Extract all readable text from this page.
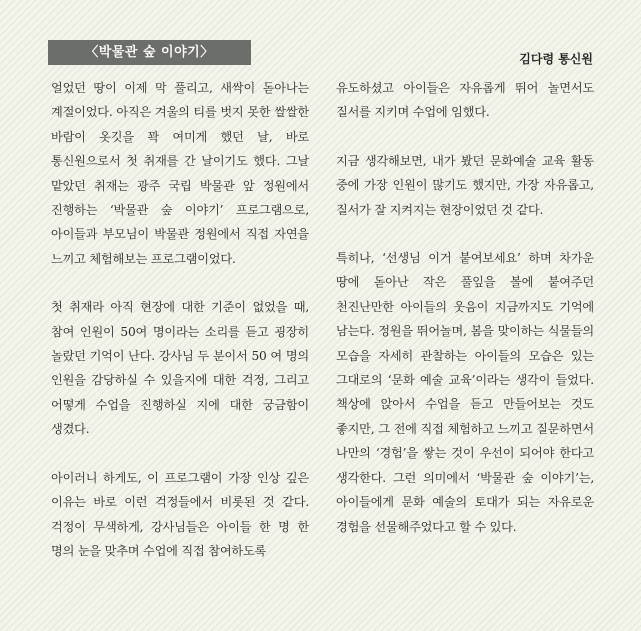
〈박물관 숲 이야기〉	김다령 통신원

얼었던 땅이 이제 막 풀리고, 새싹이 돋아나는 계절이었다. 아직은 겨울의 티를 벗지 못한 쌀쌀한 바람이 옷깃을 꽉 여미게 했던 날, 바로 통신원으로서 첫 취재를 간 날이기도 했다. 그날 맡았던 취재는 광주 국립 박물관 앞 정원에서 진행하는 ‘박물관 숲 이야기’ 프로그램으로, 아이들과 부모님이 박물관 정원에서 직접 자연을 느끼고 체험해보는 프로그램이었다.

첫 취재라 아직 현장에 대한 기준이 없었을 때, 참여 인원이 50여 명이라는 소리를 듣고 굉장히 놀랐던 기억이 난다. 강사님 두 분이서 50 여 명의 인원을 감당하실 수 있을지에 대한 걱정, 그리고 어떻게 수업을 진행하실 지에 대한 궁금함이 생겼다.

아이러니 하게도, 이 프로그램이 가장 인상 깊은 이유는 바로 이런 걱정들에서 비롯된 것 같다. 걱정이 무색하게, 강사님들은 아이들 한 명 한 명의 눈을 맞추며 수업에 직접 참여하도록

유도하셨고 아이들은 자유롭게 뛰어 놀면서도 질서를 지키며 수업에 임했다.

지금 생각해보면, 내가 봤던 문화예술 교육 활동 중에 가장 인원이 많기도 했지만, 가장 자유롭고, 질서가 잘 지켜지는 현장이었던 것 같다.

특히나, ‘선생님 이거 붙여보세요’ 하며 차가운 땅에 돋아난 작은 풀잎을 볼에 붙여주던 천진난만한 아이들의 웃음이 지금까지도 기억에 남는다. 정원을 뛰어놀며, 봄을 맞이하는 식물들의 모습을 자세히 관찰하는 아이들의 모습은 있는 그대로의 ‘문화 예술 교육’이라는 생각이 들었다. 책상에 앉아서 수업을 듣고 만들어보는 것도 좋지만, 그 전에 직접 체험하고 느끼고 질문하면서 나만의 ‘경험’을 쌓는 것이 우선이 되어야 한다고 생각한다. 그런 의미에서 ‘박물관 숲 이야기’는, 아이들에게 문화 예술의 토대가 되는 자유로운 경험을 선물해주었다고 할 수 있다.
